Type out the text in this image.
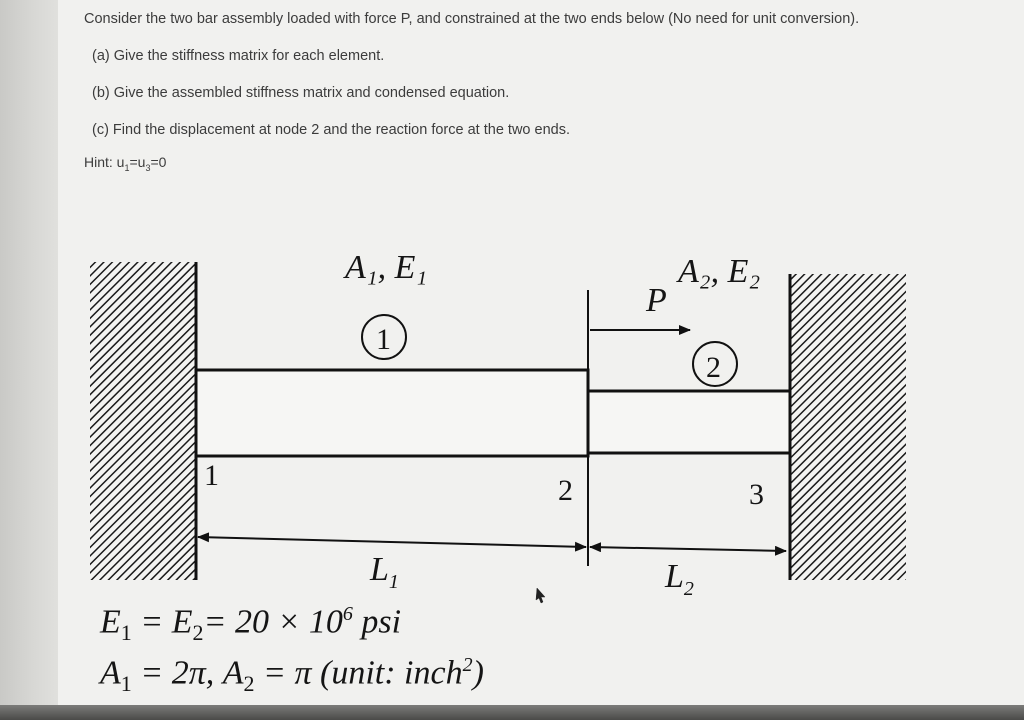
Consider the two bar assembly loaded with force P, and constrained at the two ends below (No need for unit conversion).
(a) Give the stiffness matrix for each element.
(b) Give the assembled stiffness matrix and condensed equation.
(c) Find the displacement at node 2 and the reaction force at the two ends.
Hint: $u_1=u_3=0$
A₁, E₁	A₂, E₂
P
1
2
1	2	3
$L_1$	$L_2$
$E_1 = E_2= 20 \times 10^6$ psi
$A_1 = 2\pi$, $A_2 = \pi$ (unit: inch$^2$)
